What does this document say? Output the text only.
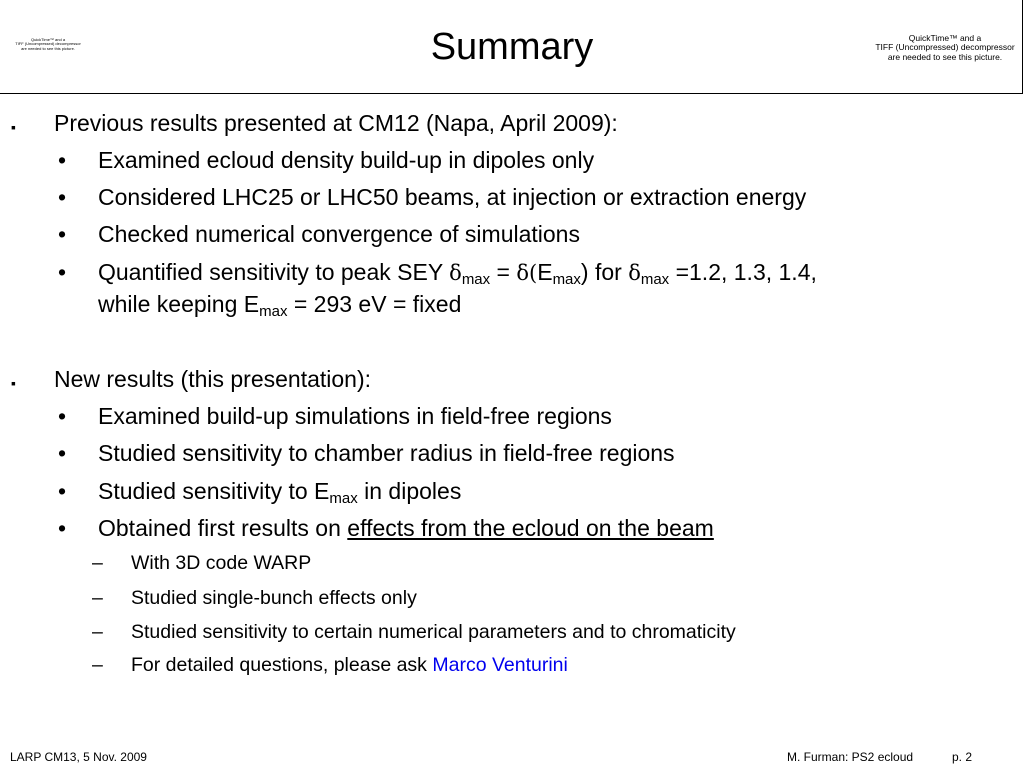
QuickTime™ and a
TIFF (Uncompressed) decompressor
are needed to see this picture.	Summary	QuickTime™ and a
TIFF (Uncompressed) decompressor
are needed to see this picture.
▪ Previous results presented at CM12 (Napa, April 2009):
• Examined ecloud density build-up in dipoles only
• Considered LHC25 or LHC50 beams, at injection or extraction energy
• Checked numerical convergence of simulations
• Quantified sensitivity to peak SEY $\delta_{max} = \delta(E_{max})$ for $\delta_{max} =1.2$, 1.3, 1.4,
while keeping $E_{max} = 293$ eV = fixed
▪ New results (this presentation):
• Examined build-up simulations in field-free regions
• Studied sensitivity to chamber radius in field-free regions
• Studied sensitivity to $E_{max}$ in dipoles
• Obtained first results on effects from the ecloud on the beam
– With 3D code WARP
– Studied single-bunch effects only
– Studied sensitivity to certain numerical parameters and to chromaticity
– For detailed questions, please ask Marco Venturini
LARP CM13, 5 Nov. 2009	M. Furman: PS2 ecloud	p. 2
